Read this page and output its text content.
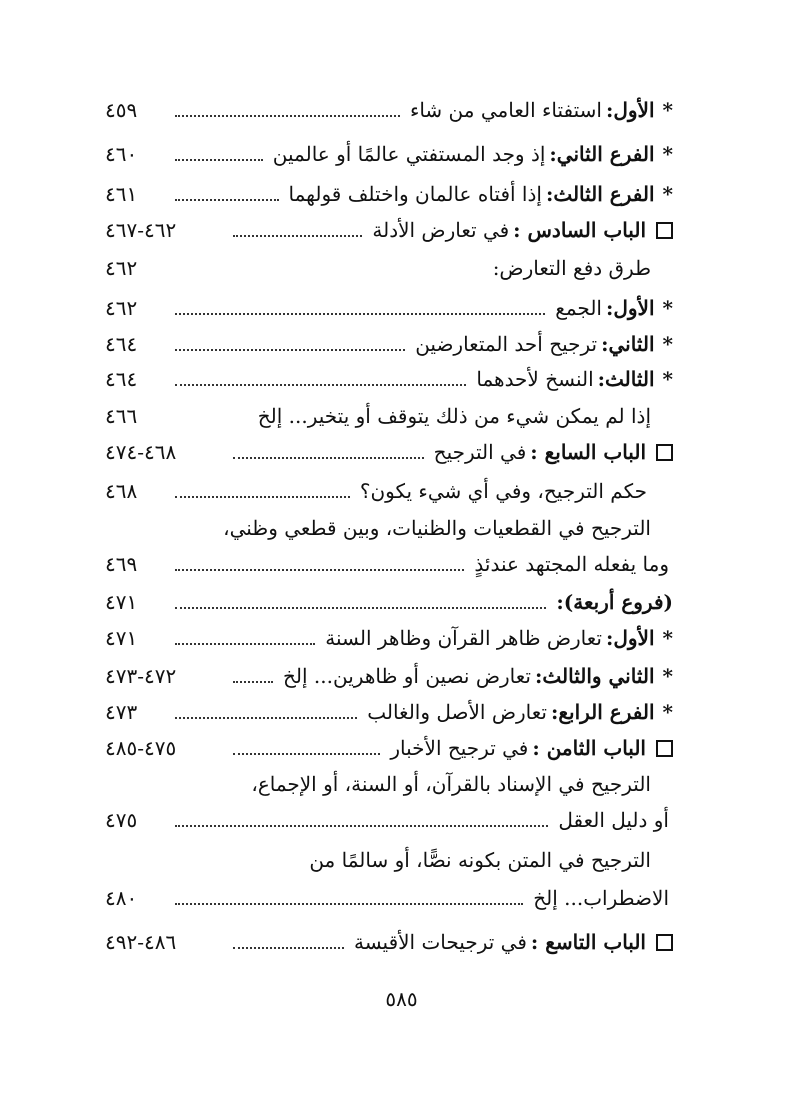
*
الأول:
استفتاء العامي من شاء
٤٥٩
*
الفرع الثاني:
إذ وجد المستفتي عالمًا أو عالمين
٤٦٠
*
الفرع الثالث:
إذا أفتاه عالمان واختلف قولهما
٤٦١
الباب السادس :
في تعارض الأدلة
٤٦٢-٤٦٧
طرق دفع التعارض:
٤٦٢
*
الأول:
الجمع
٤٦٢
*
الثاني:
ترجيح أحد المتعارضين
٤٦٤
*
الثالث:
النسخ لأحدهما
٤٦٤
إذا لم يمكن شيء من ذلك يتوقف أو يتخير... إلخ
٤٦٦
الباب السابع :
في الترجيح
٤٦٨-٤٧٤
حكم الترجيح، وفي أي شيء يكون؟
٤٦٨
الترجيح في القطعيات والظنيات، وبين قطعي وظني،
وما يفعله المجتهد عندئذٍ
٤٦٩
(فروع أربعة):
٤٧١
*
الأول:
تعارض ظاهر القرآن وظاهر السنة
٤٧١
*
الثاني والثالث:
تعارض نصين أو ظاهرين... إلخ
٤٧٢-٤٧٣
*
الفرع الرابع:
تعارض الأصل والغالب
٤٧٣
الباب الثامن :
في ترجيح الأخبار
٤٧٥-٤٨٥
الترجيح في الإسناد بالقرآن، أو السنة، أو الإجماع،
أو دليل العقل
٤٧٥
الترجيح في المتن بكونه نصًّا، أو سالمًا من
الاضطراب... إلخ
٤٨٠
الباب التاسع :
في ترجيحات الأقيسة
٤٨٦-٤٩٢
٥٨٥
